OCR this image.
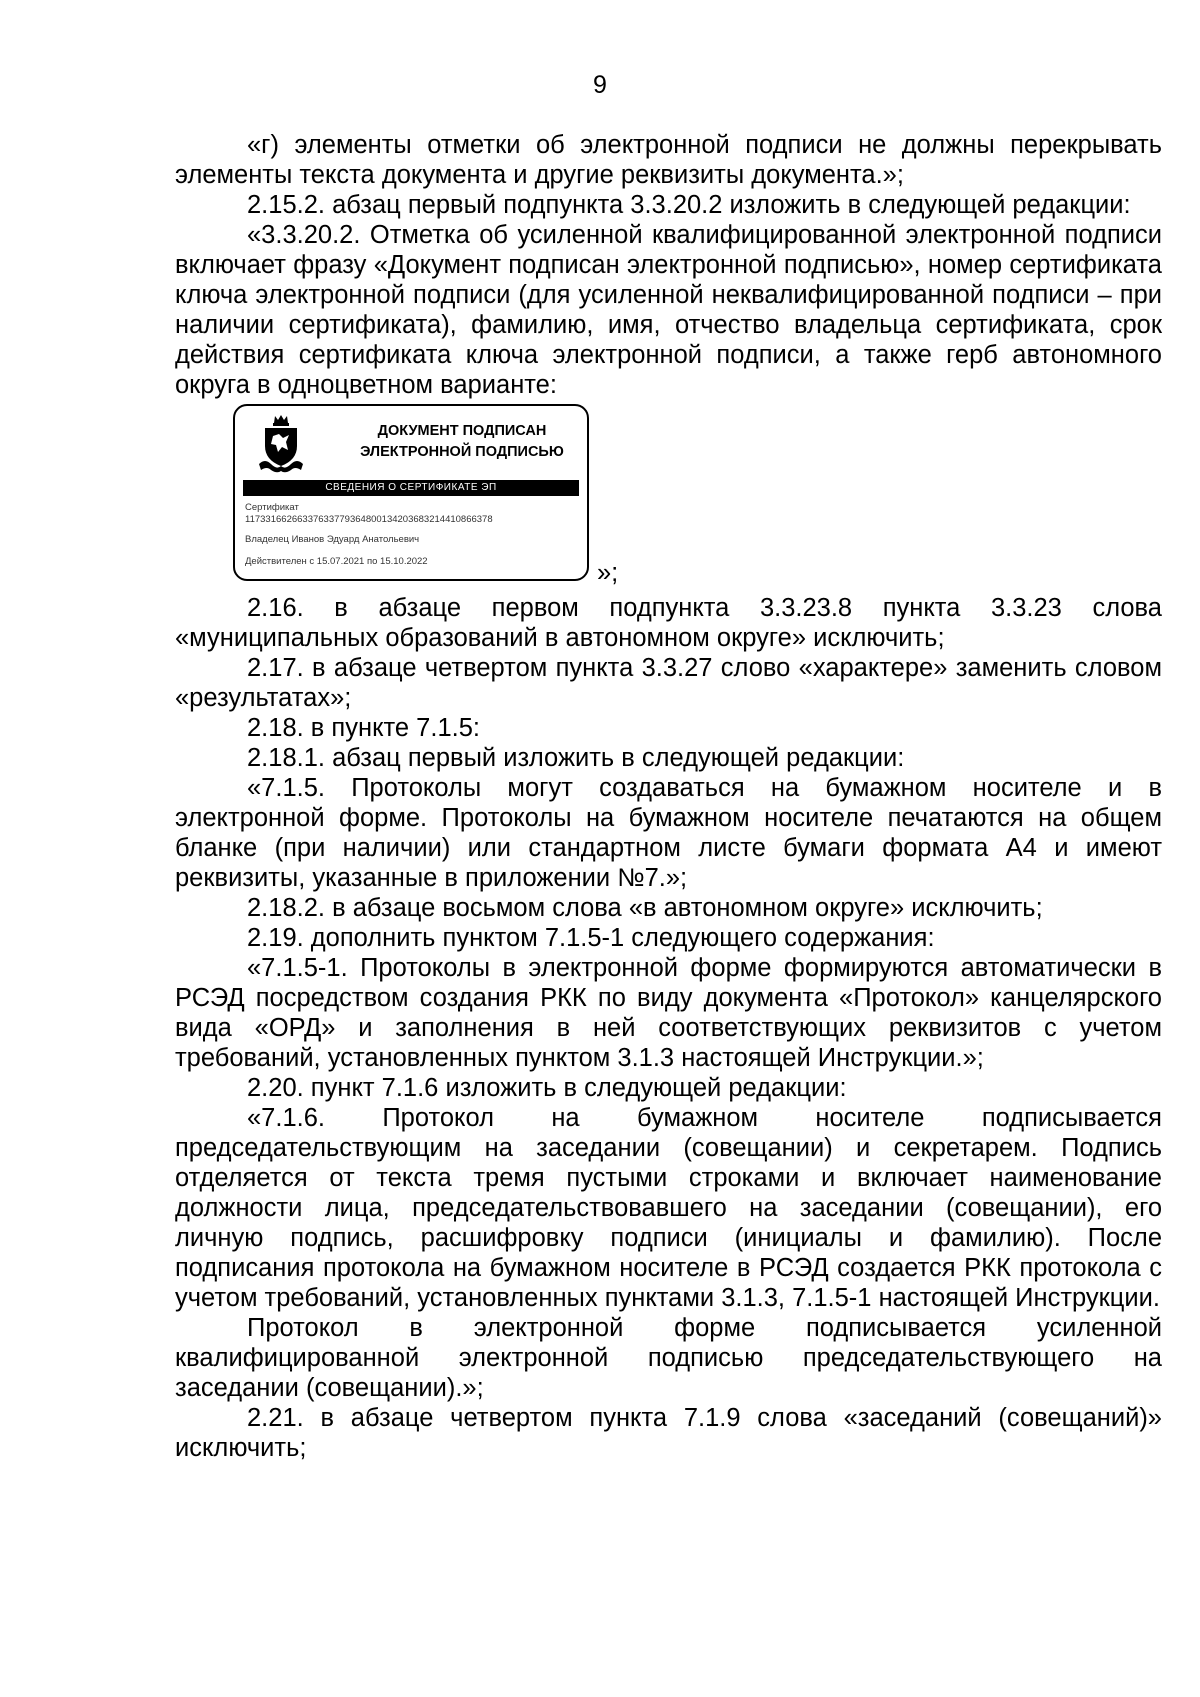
9

«г) элементы отметки об электронной подписи не должны перекрывать элементы текста документа и другие реквизиты документа.»;

2.15.2. абзац первый подпункта 3.3.20.2 изложить в следующей редакции:

«3.3.20.2. Отметка об усиленной квалифицированной электронной подписи включает фразу «Документ подписан электронной подписью», номер сертификата ключа электронной подписи (для усиленной неквалифицированной подписи – при наличии сертификата), фамилию, имя, отчество владельца сертификата, срок действия сертификата ключа электронной подписи, а также герб автономного округа в одноцветном варианте:

ДОКУМЕНТ ПОДПИСАН
ЭЛЕКТРОННОЙ ПОДПИСЬЮ
СВЕДЕНИЯ О СЕРТИФИКАТЕ ЭП
Сертификат
117331662663376337793648001342036832144108663​78
Владелец Иванов Эдуард Анатольевич
Действителен с 15.07.2021 по 15.10.2022	»;

2.16. в абзаце первом подпункта 3.3.23.8 пункта 3.3.23 слова «муниципальных образований в автономном округе» исключить;

2.17. в абзаце четвертом пункта 3.3.27 слово «характере» заменить словом «результатах»;

2.18. в пункте 7.1.5:

2.18.1. абзац первый изложить в следующей редакции:

«7.1.5. Протоколы могут создаваться на бумажном носителе и в электронной форме. Протоколы на бумажном носителе печатаются на общем бланке (при наличии) или стандартном листе бумаги формата А4 и имеют реквизиты, указанные в приложении №7.»;

2.18.2. в абзаце восьмом слова «в автономном округе» исключить;

2.19. дополнить пунктом 7.1.5-1 следующего содержания:

«7.1.5-1. Протоколы в электронной форме формируются автоматически в РСЭД посредством создания РКК по виду документа «Протокол» канцелярского вида «ОРД» и заполнения в ней соответствующих реквизитов с учетом требований, установленных пунктом 3.1.3 настоящей Инструкции.»;

2.20. пункт 7.1.6 изложить в следующей редакции:

«7.1.6. Протокол на бумажном носителе подписывается председательствующим на заседании (совещании) и секретарем. Подпись отделяется от текста тремя пустыми строками и включает наименование должности лица, председательствовавшего на заседании (совещании), его личную подпись, расшифровку подписи (инициалы и фамилию). После подписания протокола на бумажном носителе в РСЭД создается РКК протокола с учетом требований, установленных пунктами 3.1.3, 7.1.5-1 настоящей Инструкции.

Протокол в электронной форме подписывается усиленной квалифицированной электронной подписью председательствующего на заседании (совещании).»;

2.21. в абзаце четвертом пункта 7.1.9 слова «заседаний (совещаний)» исключить;
